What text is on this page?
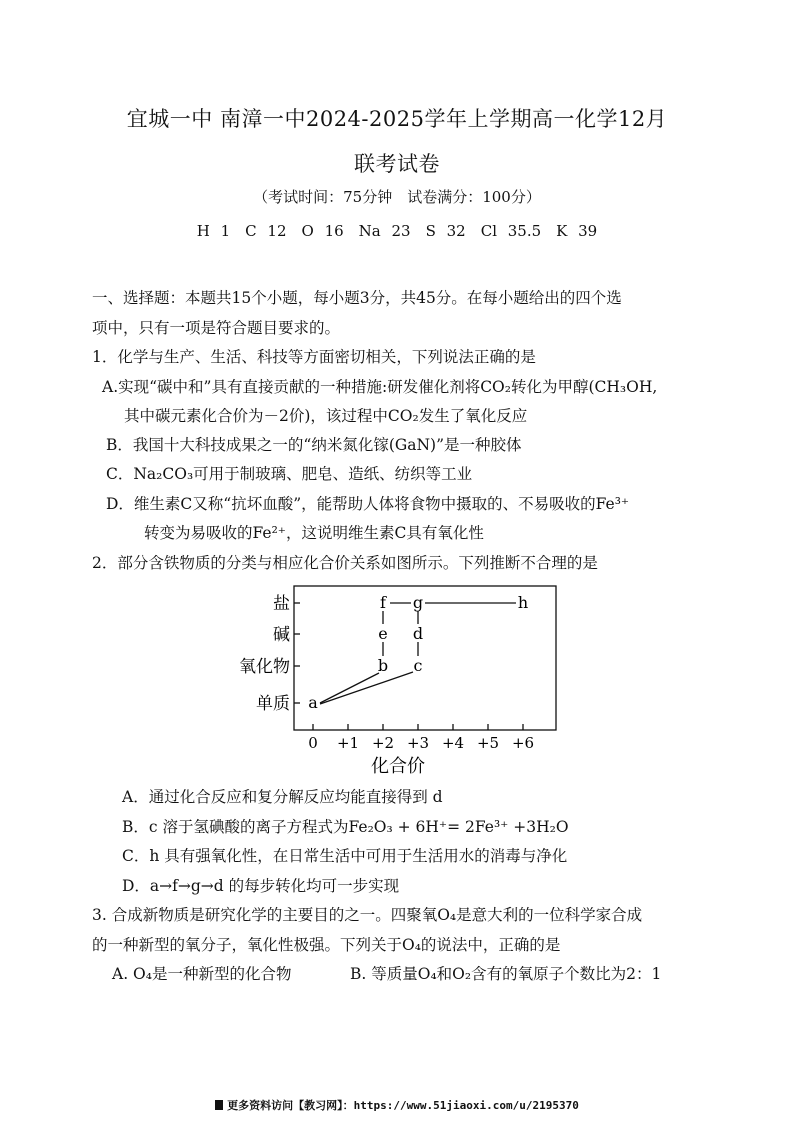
宜城一中 南漳一中2024-2025学年上学期高一化学12月
联考试卷
（考试时间：75分钟　试卷满分：100分）
H 1　C 12　O 16　Na 23　S 32　Cl 35.5　K 39
一、选择题：本题共15个小题，每小题3分，共45分。在每小题给出的四个选
项中，只有一项是符合题目要求的。
1．化学与生产、生活、科技等方面密切相关，下列说法正确的是
A.实现“碳中和”具有直接贡献的一种措施:研发催化剂将CO₂转化为甲醇(CH₃OH,
其中碳元素化合价为－2价)，该过程中CO₂发生了氧化反应
B．我国十大科技成果之一的“纳米氮化镓(GaN)”是一种胶体
C．Na₂CO₃可用于制玻璃、肥皂、造纸、纺织等工业
D．维生素C又称“抗坏血酸”，能帮助人体将食物中摄取的、不易吸收的Fe³⁺
转变为易吸收的Fe²⁺，这说明维生素C具有氧化性
2．部分含铁物质的分类与相应化合价关系如图所示。下列推断不合理的是
盐
碱
氧化物
单质
0 +1 +2 +3 +4 +5 +6
a
b c
e d
f g	h
化合价
A．通过化合反应和复分解反应均能直接得到 d
B．c 溶于氢碘酸的离子方程式为Fe₂O₃ + 6H⁺= 2Fe³⁺ +3H₂O
C．h 具有强氧化性，在日常生活中可用于生活用水的消毒与净化
D．a→f→g→d 的每步转化均可一步实现
3. 合成新物质是研究化学的主要目的之一。四聚氧O₄是意大利的一位科学家合成
的一种新型的氧分子，氧化性极强。下列关于O₄的说法中，正确的是
A. O₄是一种新型的化合物	B. 等质量O₄和O₂含有的氧原子个数比为2：1
更多资料访问【教习网】：https://www.51jiaoxi.com/u/2195370
